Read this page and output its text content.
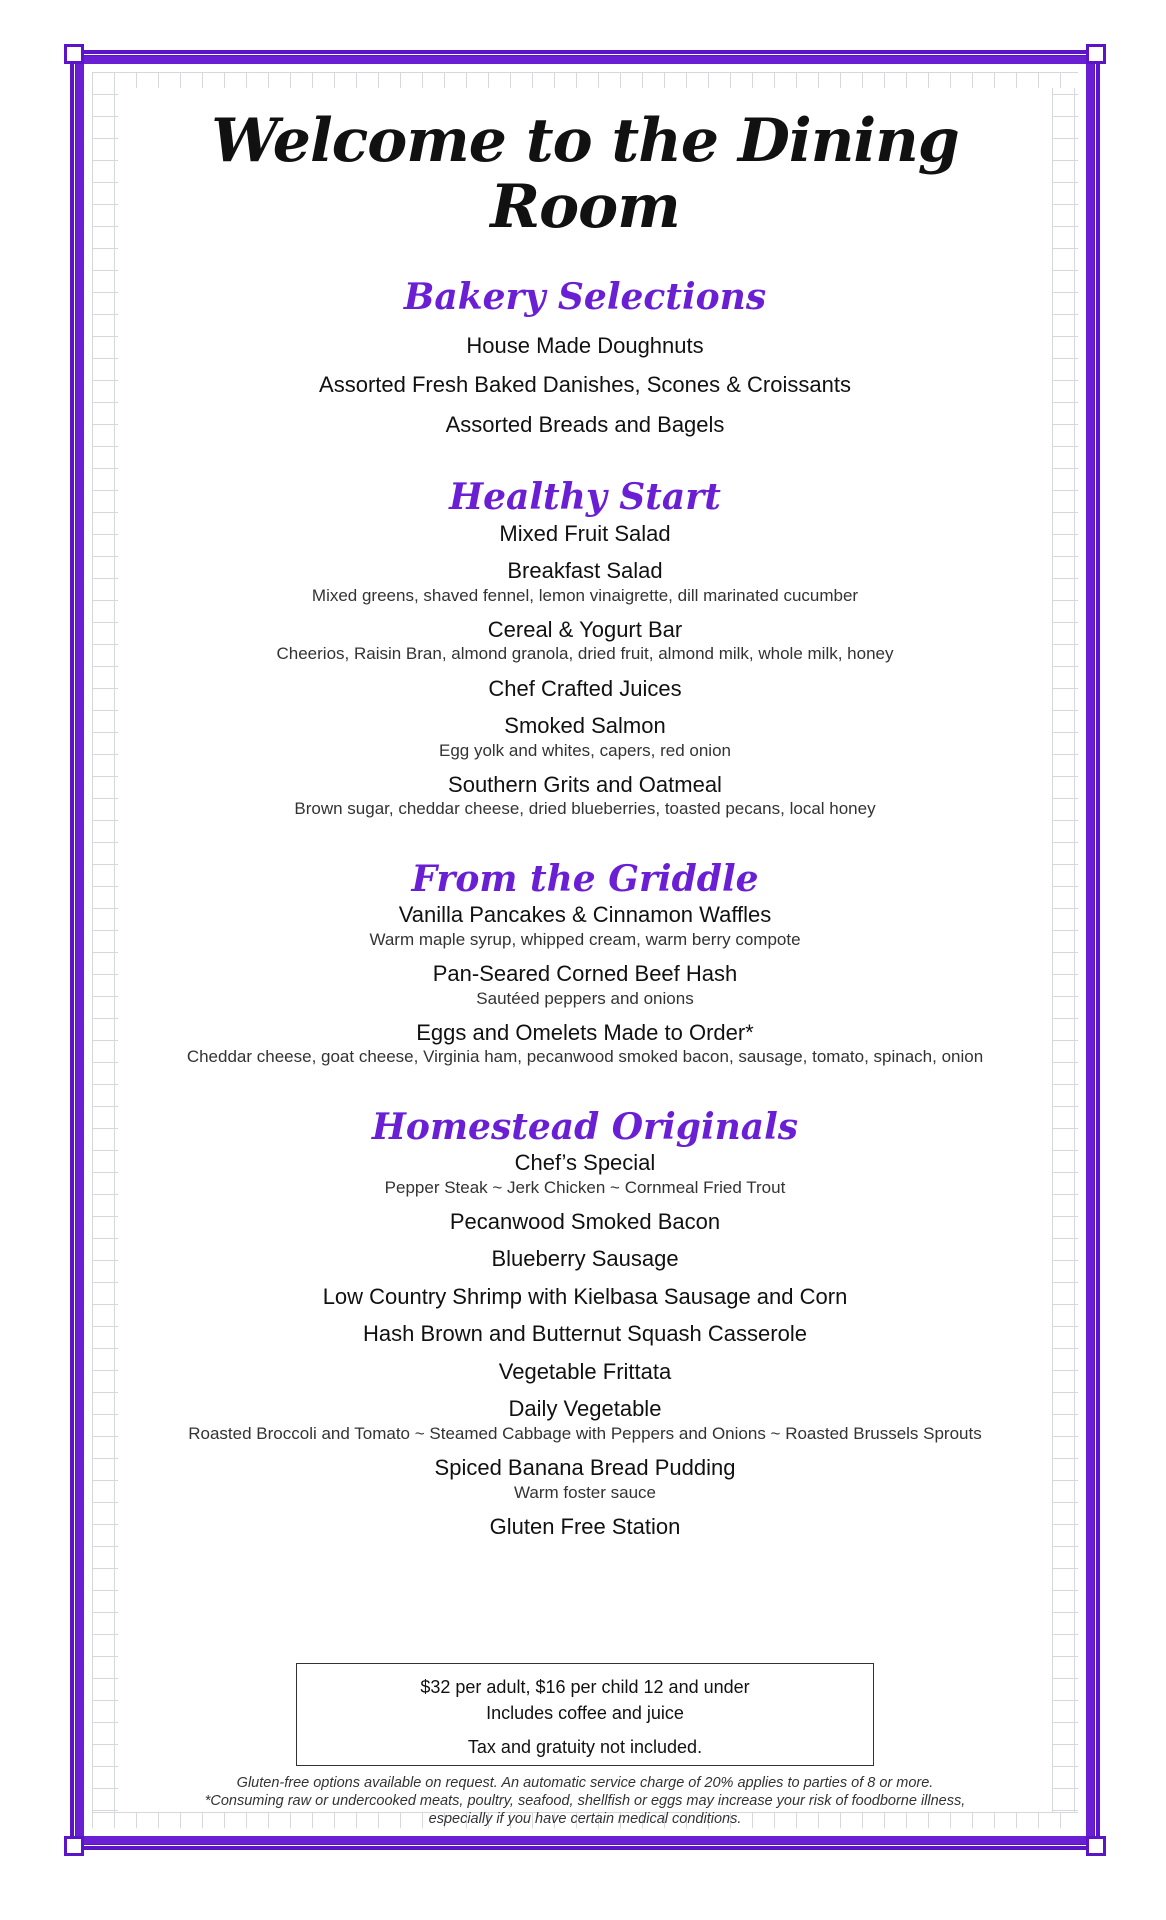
Welcome to the Dining Room
Bakery Selections

House Made Doughnuts

Assorted Fresh Baked Danishes, Scones & Croissants

Assorted Breads and Bagels

Healthy Start

Mixed Fruit Salad

Breakfast Salad

Mixed greens, shaved fennel, lemon vinaigrette, dill marinated cucumber

Cereal & Yogurt Bar

Cheerios, Raisin Bran, almond granola, dried fruit, almond milk, whole milk, honey

Chef Crafted Juices

Smoked Salmon

Egg yolk and whites, capers, red onion

Southern Grits and Oatmeal

Brown sugar, cheddar cheese, dried blueberries, toasted pecans, local honey

From the Griddle

Vanilla Pancakes & Cinnamon Waffles

Warm maple syrup, whipped cream, warm berry compote

Pan-Seared Corned Beef Hash

Sautéed peppers and onions

Eggs and Omelets Made to Order*

Cheddar cheese, goat cheese, Virginia ham, pecanwood smoked bacon, sausage, tomato, spinach, onion

Homestead Originals

Chef’s Special

Pepper Steak ~ Jerk Chicken ~ Cornmeal Fried Trout

Pecanwood Smoked Bacon

Blueberry Sausage

Low Country Shrimp with Kielbasa Sausage and Corn

Hash Brown and Butternut Squash Casserole

Vegetable Frittata

Daily Vegetable

Roasted Broccoli and Tomato ~ Steamed Cabbage with Peppers and Onions ~ Roasted Brussels Sprouts

Spiced Banana Bread Pudding

Warm foster sauce

Gluten Free Station

$32 per adult, $16 per child 12 and under
Includes coffee and juice
Tax and gratuity not included.
Gluten-free options available on request. An automatic service charge of 20% applies to parties of 8 or more.
*Consuming raw or undercooked meats, poultry, seafood, shellfish or eggs may increase your risk of foodborne illness,
especially if you have certain medical conditions.
